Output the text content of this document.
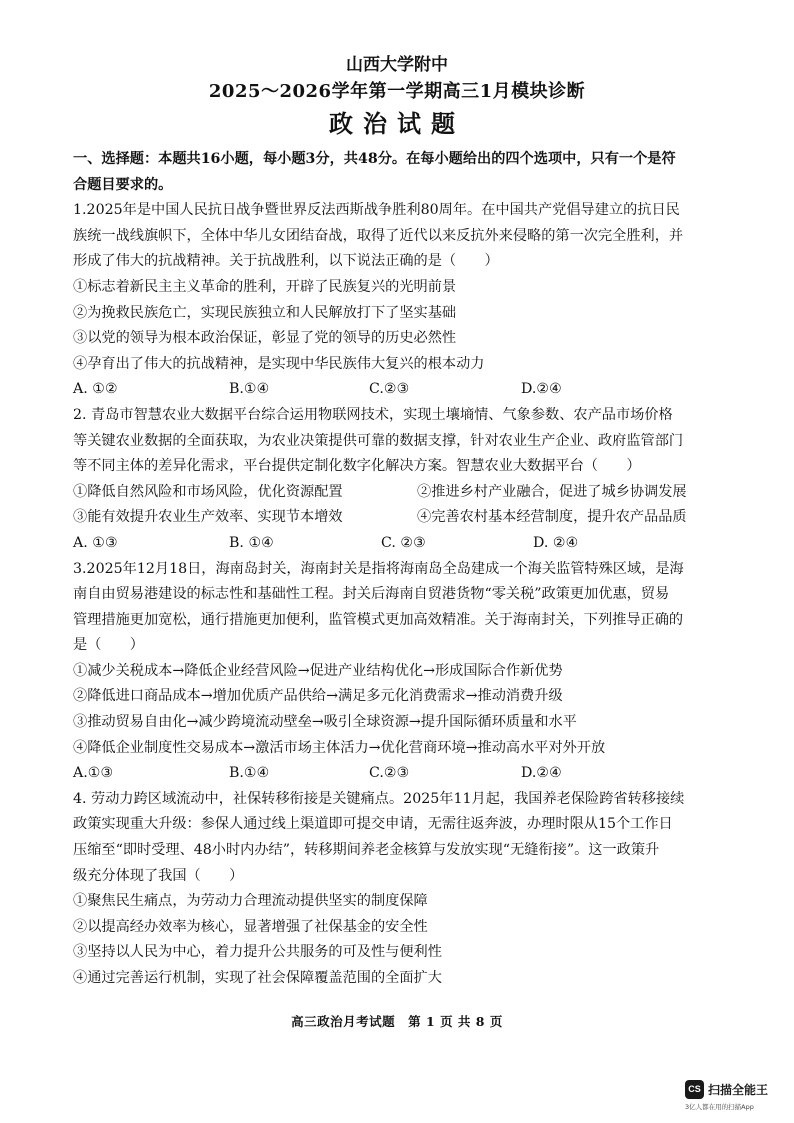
山西大学附中
2025～2026学年第一学期高三1月模块诊断
政治试题

一、选择题：本题共16小题，每小题3分，共48分。在每小题给出的四个选项中，只有一个是符

合题目要求的。

1.2025年是中国人民抗日战争暨世界反法西斯战争胜利80周年。在中国共产党倡导建立的抗日民

族统一战线旗帜下，全体中华儿女团结奋战，取得了近代以来反抗外来侵略的第一次完全胜利，并

形成了伟大的抗战精神。关于抗战胜利，以下说法正确的是（　　）

①标志着新民主主义革命的胜利，开辟了民族复兴的光明前景

②为挽救民族危亡，实现民族独立和人民解放打下了坚实基础

③以党的领导为根本政治保证，彰显了党的领导的历史必然性

④孕育出了伟大的抗战精神，是实现中华民族伟大复兴的根本动力

A. ①②	B.①④	C.②③	D.②④

2. 青岛市智慧农业大数据平台综合运用物联网技术，实现土壤墒情、气象参数、农产品市场价格

等关键农业数据的全面获取，为农业决策提供可靠的数据支撑，针对农业生产企业、政府监管部门

等不同主体的差异化需求，平台提供定制化数字化解决方案。智慧农业大数据平台（　　）

①降低自然风险和市场风险，优化资源配置	②推进乡村产业融合，促进了城乡协调发展
③能有效提升农业生产效率、实现节本增效	④完善农村基本经营制度，提升农产品品质
A. ①③	B. ①④	C. ②③	D. ②④

3.2025年12月18日，海南岛封关，海南封关是指将海南岛全岛建成一个海关监管特殊区域，是海

南自由贸易港建设的标志性和基础性工程。封关后海南自贸港货物“零关税”政策更加优惠，贸易

管理措施更加宽松，通行措施更加便利，监管模式更加高效精准。关于海南封关，下列推导正确的

是（　　）

①减少关税成本→降低企业经营风险→促进产业结构优化→形成国际合作新优势

②降低进口商品成本→增加优质产品供给→满足多元化消费需求→推动消费升级

③推动贸易自由化→减少跨境流动壁垒→吸引全球资源→提升国际循环质量和水平

④降低企业制度性交易成本→激活市场主体活力→优化营商环境→推动高水平对外开放

A.①③	B.①④	C.②③	D.②④

4. 劳动力跨区域流动中，社保转移衔接是关键痛点。2025年11月起，我国养老保险跨省转移接续

政策实现重大升级：参保人通过线上渠道即可提交申请，无需往返奔波，办理时限从15个工作日

压缩至“即时受理、48小时内办结”，转移期间养老金核算与发放实现“无缝衔接”。这一政策升

级充分体现了我国（　　）

①聚焦民生痛点，为劳动力合理流动提供坚实的制度保障

②以提高经办效率为核心，显著增强了社保基金的安全性

③坚持以人民为中心，着力提升公共服务的可及性与便利性

④通过完善运行机制，实现了社会保障覆盖范围的全面扩大

高三政治月考试题　第 1 页 共 8 页
CS 扫描全能王
3亿人都在用的扫描App
